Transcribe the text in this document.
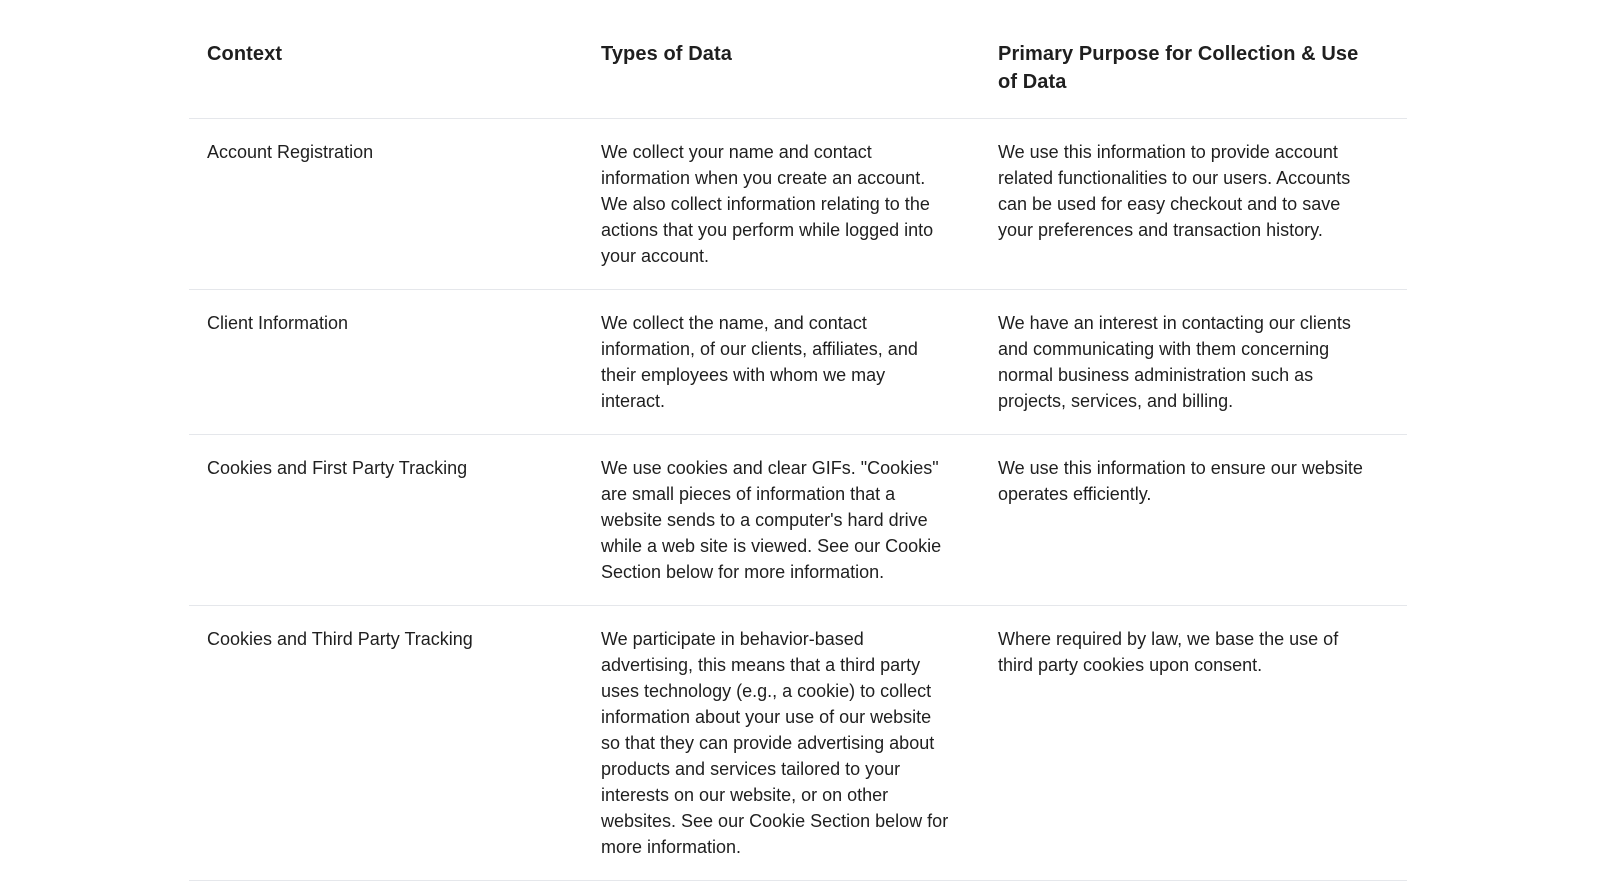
Context	Types of Data	Primary Purpose for Collection & Use of Data
Account Registration	We collect your name and contact information when you create an account. We also collect information relating to the actions that you perform while logged into your account.	We use this information to provide account related functionalities to our users. Accounts can be used for easy checkout and to save your preferences and transaction history.
Client Information	We collect the name, and contact information, of our clients, affiliates, and their employees with whom we may interact.	We have an interest in contacting our clients and communicating with them concerning normal business administration such as projects, services, and billing.
Cookies and First Party Tracking	We use cookies and clear GIFs. "Cookies" are small pieces of information that a website sends to a computer's hard drive while a web site is viewed. See our Cookie Section below for more information.	We use this information to ensure our website operates efficiently.
Cookies and Third Party Tracking	We participate in behavior-based advertising, this means that a third party uses technology (e.g., a cookie) to collect information about your use of our website so that they can provide advertising about products and services tailored to your interests on our website, or on other websites. See our Cookie Section below for more information.	Where required by law, we base the use of third party cookies upon consent.
